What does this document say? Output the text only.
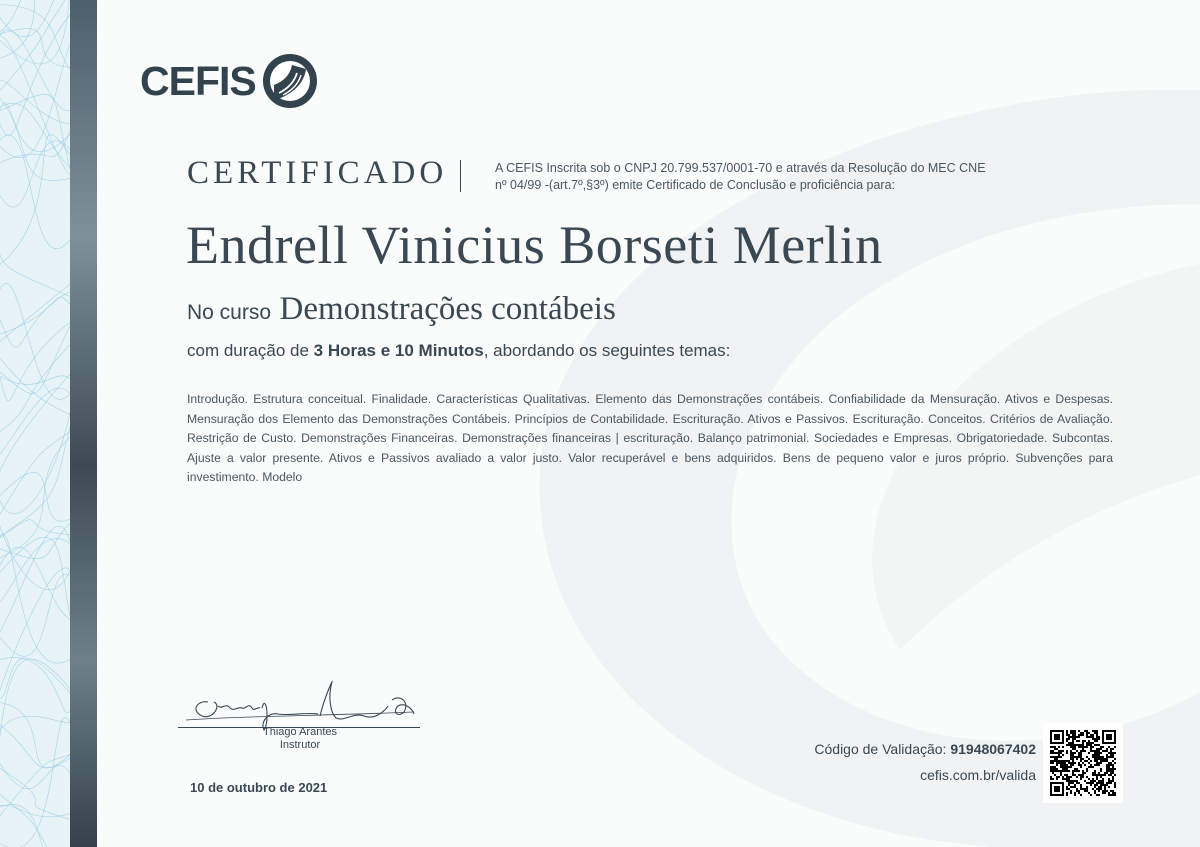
CEFIS
CERTIFICADO	A CEFIS Inscrita sob o CNPJ 20.799.537/0001-70 e através da Resolução do MEC CNE
nº 04/99 -(art.7º,§3º) emite Certificado de Conclusão e proficiência para:
Endrell Vinicius Borseti Merlin
No curso Demonstrações contábeis
com duração de 3 Horas e 10 Minutos, abordando os seguintes temas:
Introdução. Estrutura conceitual. Finalidade. Características Qualitativas. Elemento das Demonstrações contábeis. Confiabilidade da Mensuração. Ativos e Despesas. Mensuração dos Elemento das Demonstrações Contábeis. Princípios de Contabilidade. Escrituração. Ativos e Passivos. Escrituração. Conceitos. Critérios de Avaliação. Restrição de Custo. Demonstrações Financeiras. Demonstrações financeiras | escrituração. Balanço patrimonial. Sociedades e Empresas. Obrigatoriedade. Subcontas. Ajuste a valor presente. Ativos e Passivos avaliado a valor justo. Valor recuperável e bens adquiridos. Bens de pequeno valor e juros próprio. Subvenções para investimento. Modelo
Thiago Arantes
Instrutor
10 de outubro de 2021
Código de Validação: 91948067402
cefis.com.br/valida
